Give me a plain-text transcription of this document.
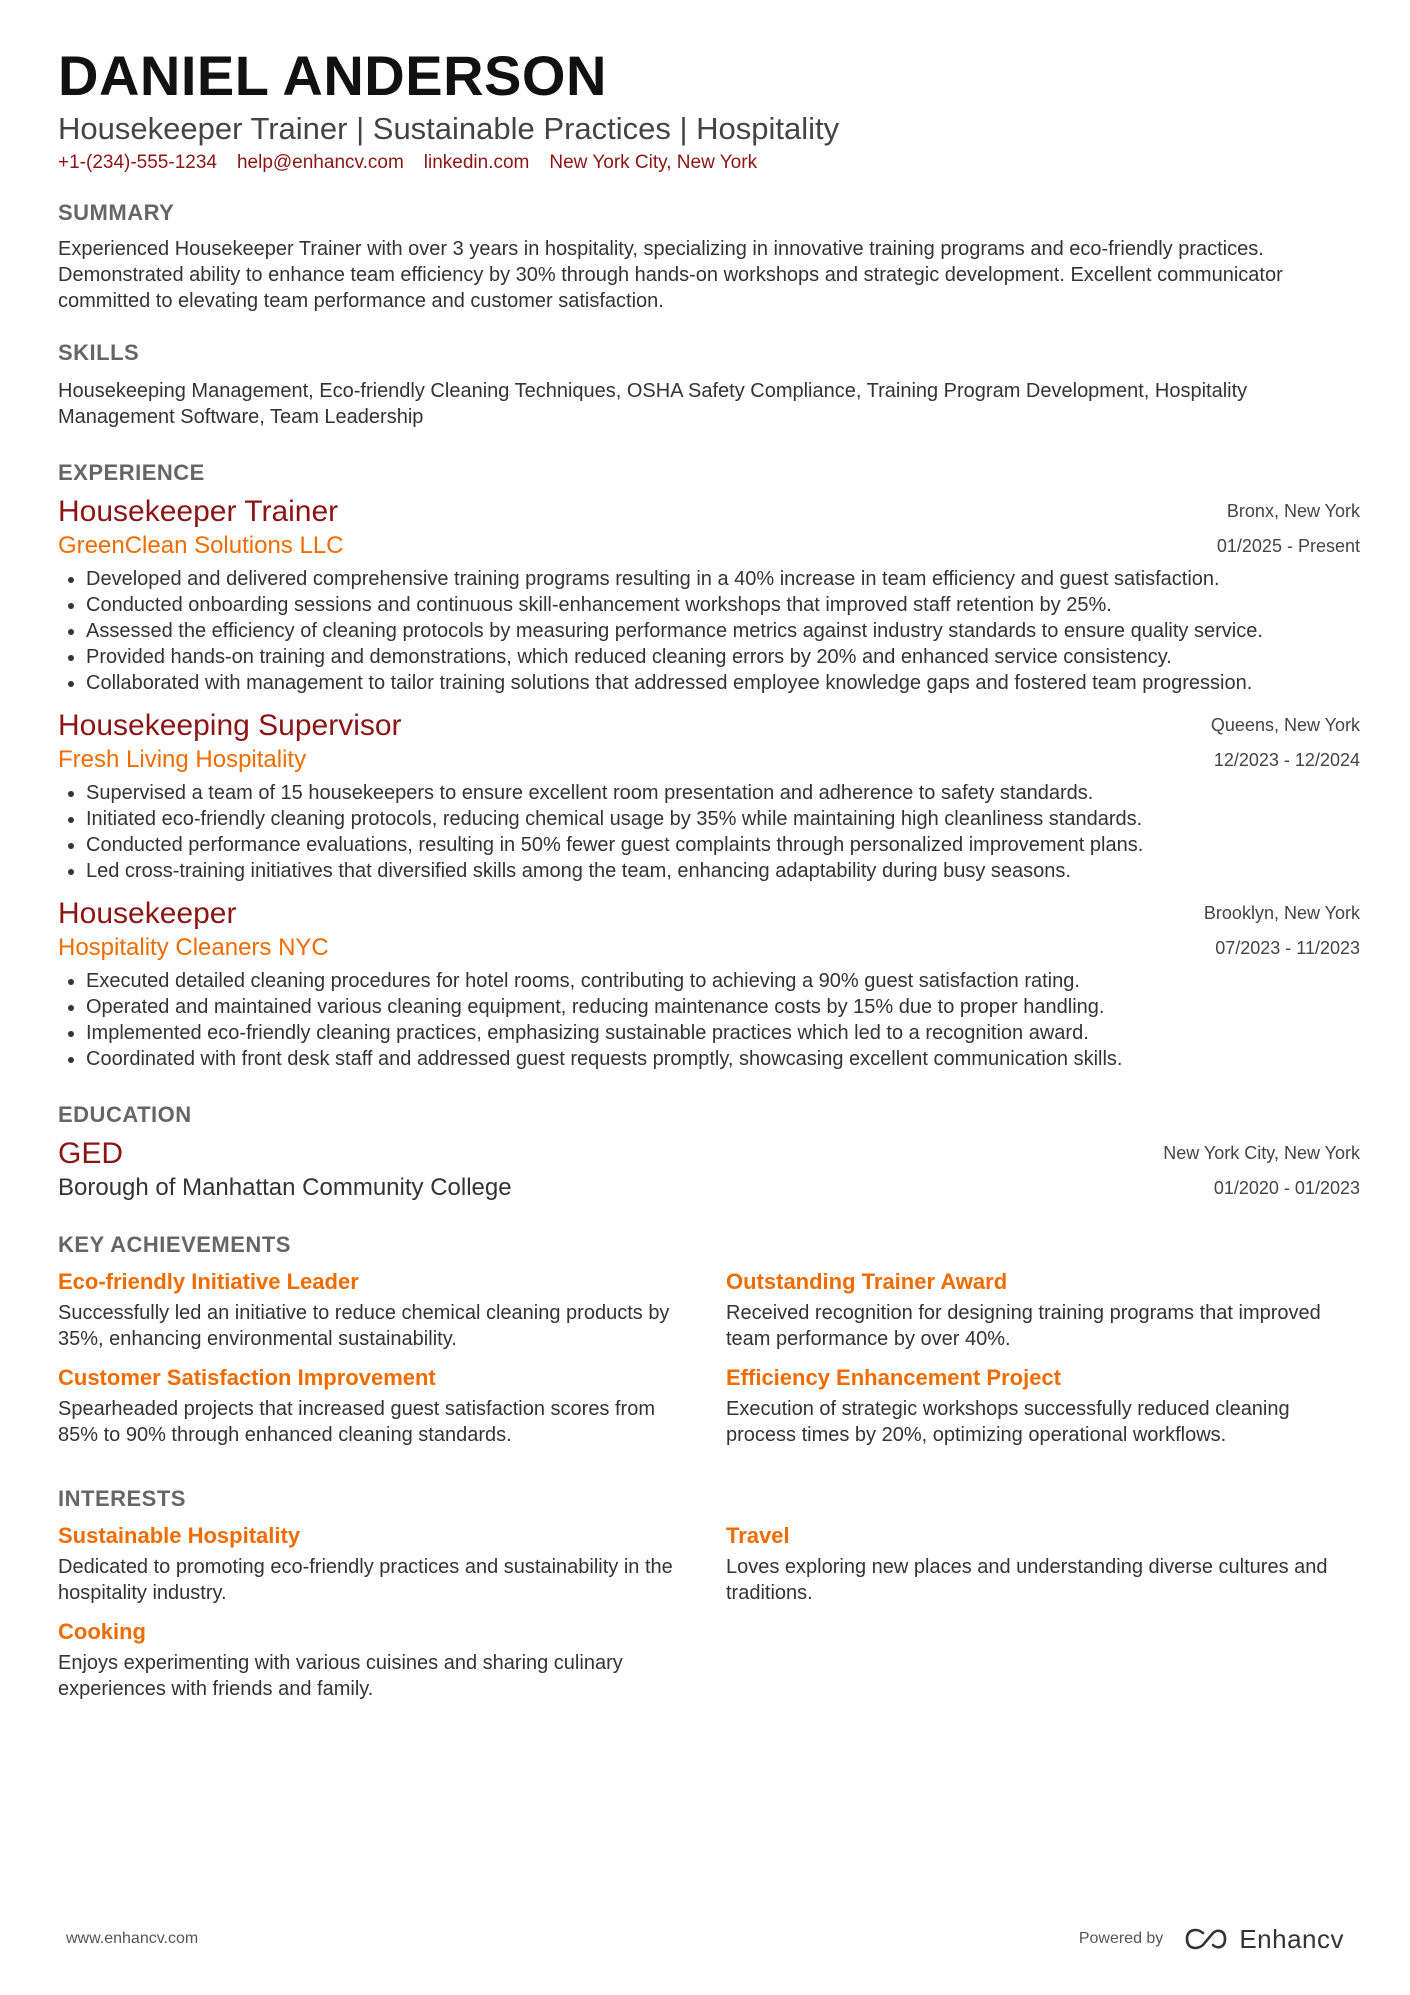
DANIEL ANDERSON
Housekeeper Trainer | Sustainable Practices | Hospitality
+1-(234)-555-1234 help@enhancv.com linkedin.com New York City, New York
SUMMARY
Experienced Housekeeper Trainer with over 3 years in hospitality, specializing in innovative training programs and eco-friendly practices. Demonstrated ability to enhance team efficiency by 30% through hands-on workshops and strategic development. Excellent communicator committed to elevating team performance and customer satisfaction.
SKILLS
Housekeeping Management, Eco-friendly Cleaning Techniques, OSHA Safety Compliance, Training Program Development, Hospitality Management Software, Team Leadership
EXPERIENCE
Housekeeper Trainer
GreenClean Solutions LLC
Bronx, New York
01/2025 - Present
• Developed and delivered comprehensive training programs resulting in a 40% increase in team efficiency and guest satisfaction.
• Conducted onboarding sessions and continuous skill-enhancement workshops that improved staff retention by 25%.
• Assessed the efficiency of cleaning protocols by measuring performance metrics against industry standards to ensure quality service.
• Provided hands-on training and demonstrations, which reduced cleaning errors by 20% and enhanced service consistency.
• Collaborated with management to tailor training solutions that addressed employee knowledge gaps and fostered team progression.
Housekeeping Supervisor
Fresh Living Hospitality
Queens, New York
12/2023 - 12/2024
• Supervised a team of 15 housekeepers to ensure excellent room presentation and adherence to safety standards.
• Initiated eco-friendly cleaning protocols, reducing chemical usage by 35% while maintaining high cleanliness standards.
• Conducted performance evaluations, resulting in 50% fewer guest complaints through personalized improvement plans.
• Led cross-training initiatives that diversified skills among the team, enhancing adaptability during busy seasons.
Housekeeper
Hospitality Cleaners NYC
Brooklyn, New York
07/2023 - 11/2023
• Executed detailed cleaning procedures for hotel rooms, contributing to achieving a 90% guest satisfaction rating.
• Operated and maintained various cleaning equipment, reducing maintenance costs by 15% due to proper handling.
• Implemented eco-friendly cleaning practices, emphasizing sustainable practices which led to a recognition award.
• Coordinated with front desk staff and addressed guest requests promptly, showcasing excellent communication skills.
EDUCATION
GED
Borough of Manhattan Community College
New York City, New York
01/2020 - 01/2023
KEY ACHIEVEMENTS
Eco-friendly Initiative Leader
Successfully led an initiative to reduce chemical cleaning products by 35%, enhancing environmental sustainability.
Outstanding Trainer Award
Received recognition for designing training programs that improved team performance by over 40%.
Customer Satisfaction Improvement
Spearheaded projects that increased guest satisfaction scores from 85% to 90% through enhanced cleaning standards.
Efficiency Enhancement Project
Execution of strategic workshops successfully reduced cleaning process times by 20%, optimizing operational workflows.
INTERESTS
Sustainable Hospitality
Dedicated to promoting eco-friendly practices and sustainability in the hospitality industry.
Travel
Loves exploring new places and understanding diverse cultures and traditions.
Cooking
Enjoys experimenting with various cuisines and sharing culinary experiences with friends and family.
www.enhancv.com	Powered by	Enhancv
